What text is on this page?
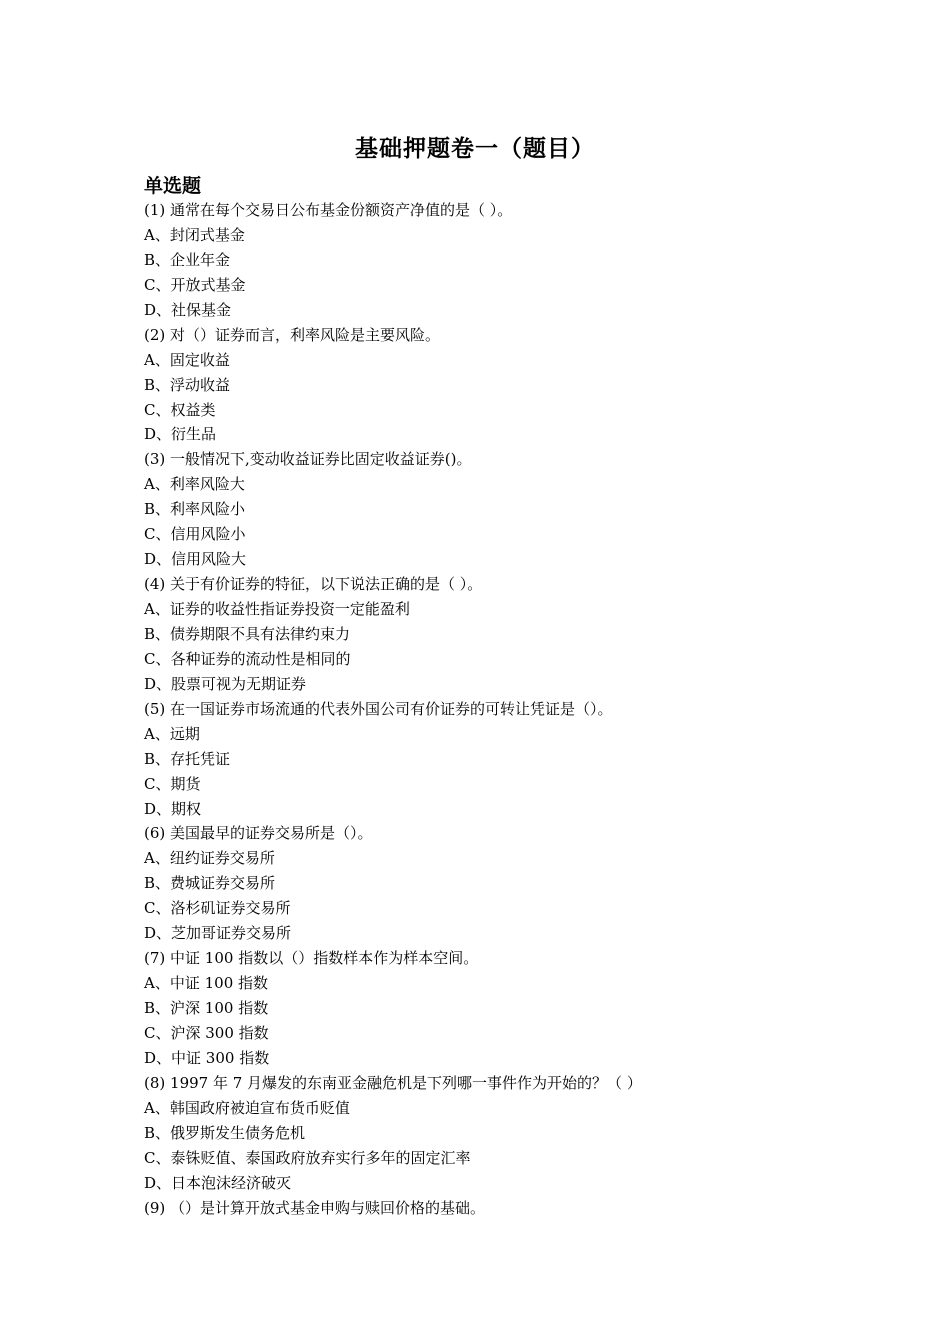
基础押题卷一（题目）
单选题
(1) 通常在每个交易日公布基金份额资产净值的是（ ）。
A、封闭式基金
B、企业年金
C、开放式基金
D、社保基金
(2) 对（）证券而言，利率风险是主要风险。
A、固定收益
B、浮动收益
C、权益类
D、衍生品
(3) 一般情况下,变动收益证券比固定收益证券()。
A、利率风险大
B、利率风险小
C、信用风险小
D、信用风险大
(4) 关于有价证券的特征，以下说法正确的是（ ）。
A、证券的收益性指证券投资一定能盈利
B、债券期限不具有法律约束力
C、各种证券的流动性是相同的
D、股票可视为无期证券
(5) 在一国证券市场流通的代表外国公司有价证券的可转让凭证是（）。
A、远期
B、存托凭证
C、期货
D、期权
(6) 美国最早的证券交易所是（）。
A、纽约证券交易所
B、费城证券交易所
C、洛杉矶证券交易所
D、芝加哥证券交易所
(7) 中证 100 指数以（）指数样本作为样本空间。
A、中证 100 指数
B、沪深 100 指数
C、沪深 300 指数
D、中证 300 指数
(8) 1997 年 7 月爆发的东南亚金融危机是下列哪一事件作为开始的？（ ）
A、韩国政府被迫宣布货币贬值
B、俄罗斯发生债务危机
C、泰铢贬值、泰国政府放弃实行多年的固定汇率
D、日本泡沫经济破灭
(9) （）是计算开放式基金申购与赎回价格的基础。
